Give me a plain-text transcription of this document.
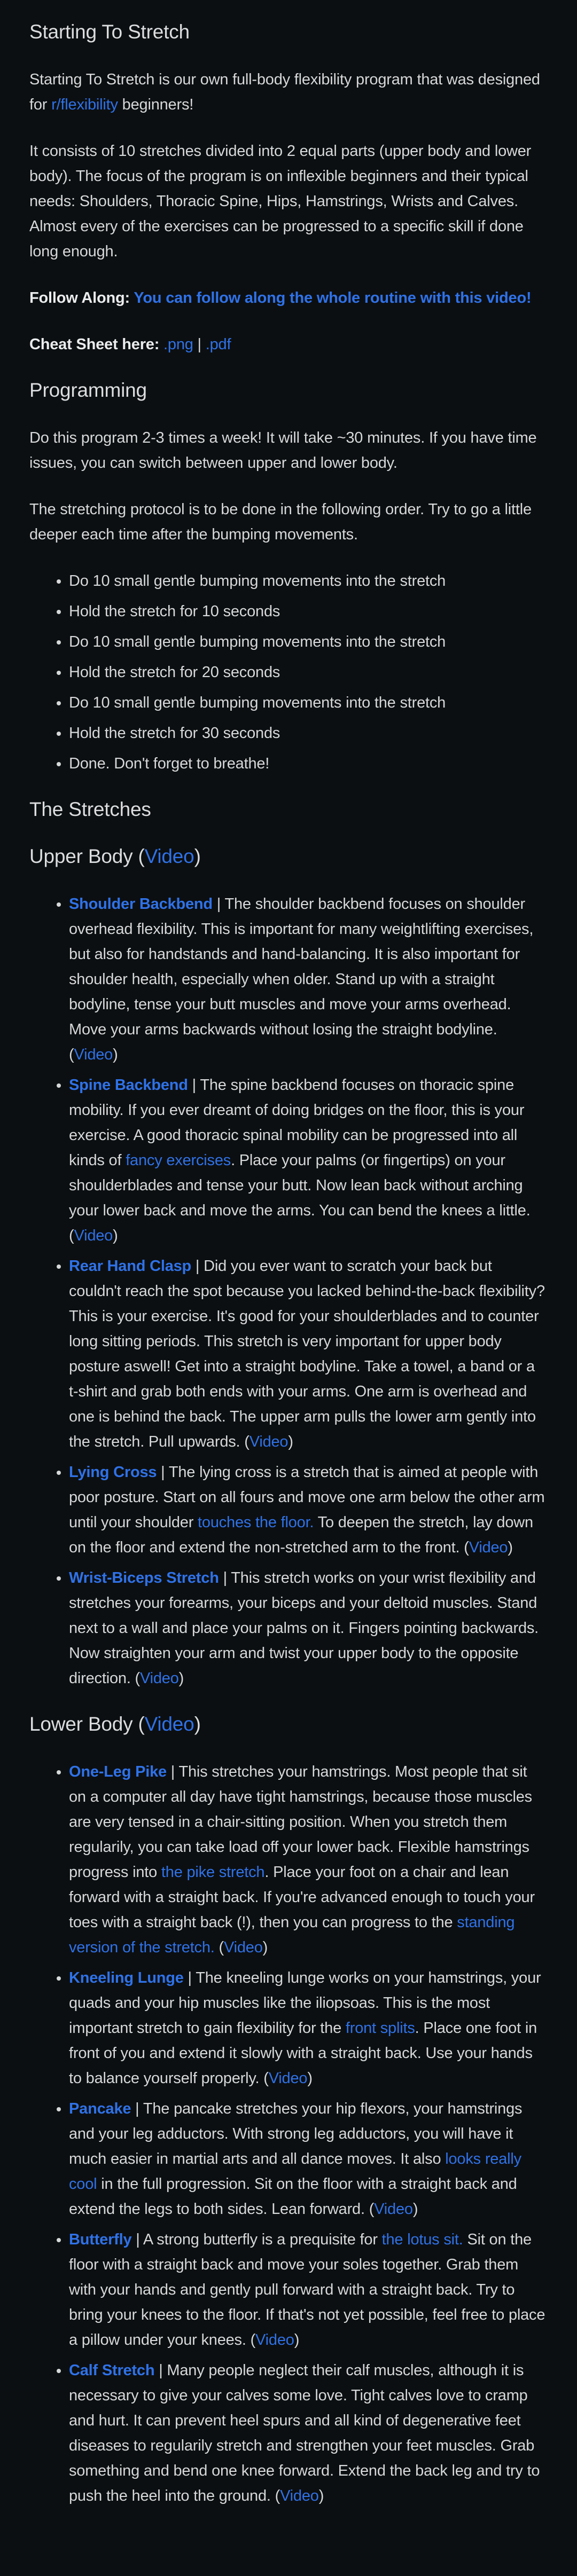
Starting To Stretch

Starting To Stretch is our own full-body flexibility program that was designed for r/flexibility beginners!

It consists of 10 stretches divided into 2 equal parts (upper body and lower body). The focus of the program is on inflexible beginners and their typical needs: Shoulders, Thoracic Spine, Hips, Hamstrings, Wrists and Calves. Almost every of the exercises can be progressed to a specific skill if done long enough.

Follow Along: You can follow along the whole routine with this video!

Cheat Sheet here: .png | .pdf

Programming

Do this program 2-3 times a week! It will take ~30 minutes. If you have time issues, you can switch between upper and lower body.

The stretching protocol is to be done in the following order. Try to go a little deeper each time after the bumping movements.

• Do 10 small gentle bumping movements into the stretch
• Hold the stretch for 10 seconds
• Do 10 small gentle bumping movements into the stretch
• Hold the stretch for 20 seconds
• Do 10 small gentle bumping movements into the stretch
• Hold the stretch for 30 seconds
• Done. Don't forget to breathe!
The Stretches
Upper Body (Video)
• Shoulder Backbend | The shoulder backbend focuses on shoulder overhead flexibility. This is important for many weightlifting exercises, but also for handstands and hand-balancing. It is also important for shoulder health, especially when older. Stand up with a straight bodyline, tense your butt muscles and move your arms overhead. Move your arms backwards without losing the straight bodyline. (Video)
• Spine Backbend | The spine backbend focuses on thoracic spine mobility. If you ever dreamt of doing bridges on the floor, this is your exercise. A good thoracic spinal mobility can be progressed into all kinds of fancy exercises. Place your palms (or fingertips) on your shoulderblades and tense your butt. Now lean back without arching your lower back and move the arms. You can bend the knees a little. (Video)
• Rear Hand Clasp | Did you ever want to scratch your back but couldn't reach the spot because you lacked behind-the-back flexibility? This is your exercise. It's good for your shoulderblades and to counter long sitting periods. This stretch is very important for upper body posture aswell! Get into a straight bodyline. Take a towel, a band or a t-shirt and grab both ends with your arms. One arm is overhead and one is behind the back. The upper arm pulls the lower arm gently into the stretch. Pull upwards. (Video)
• Lying Cross | The lying cross is a stretch that is aimed at people with poor posture. Start on all fours and move one arm below the other arm until your shoulder touches the floor. To deepen the stretch, lay down on the floor and extend the non-stretched arm to the front. (Video)
• Wrist-Biceps Stretch | This stretch works on your wrist flexibility and stretches your forearms, your biceps and your deltoid muscles. Stand next to a wall and place your palms on it. Fingers pointing backwards. Now straighten your arm and twist your upper body to the opposite direction. (Video)
Lower Body (Video)
• One-Leg Pike | This stretches your hamstrings. Most people that sit on a computer all day have tight hamstrings, because those muscles are very tensed in a chair-sitting position. When you stretch them regularily, you can take load off your lower back. Flexible hamstrings progress into the pike stretch. Place your foot on a chair and lean forward with a straight back. If you're advanced enough to touch your toes with a straight back (!), then you can progress to the standing version of the stretch. (Video)
• Kneeling Lunge | The kneeling lunge works on your hamstrings, your quads and your hip muscles like the iliopsoas. This is the most important stretch to gain flexibility for the front splits. Place one foot in front of you and extend it slowly with a straight back. Use your hands to balance yourself properly. (Video)
• Pancake | The pancake stretches your hip flexors, your hamstrings and your leg adductors. With strong leg adductors, you will have it much easier in martial arts and all dance moves. It also looks really cool in the full progression. Sit on the floor with a straight back and extend the legs to both sides. Lean forward. (Video)
• Butterfly | A strong butterfly is a prequisite for the lotus sit. Sit on the floor with a straight back and move your soles together. Grab them with your hands and gently pull forward with a straight back. Try to bring your knees to the floor. If that's not yet possible, feel free to place a pillow under your knees. (Video)
• Calf Stretch | Many people neglect their calf muscles, although it is necessary to give your calves some love. Tight calves love to cramp and hurt. It can prevent heel spurs and all kind of degenerative feet diseases to regularily stretch and strengthen your feet muscles. Grab something and bend one knee forward. Extend the back leg and try to push the heel into the ground. (Video)
